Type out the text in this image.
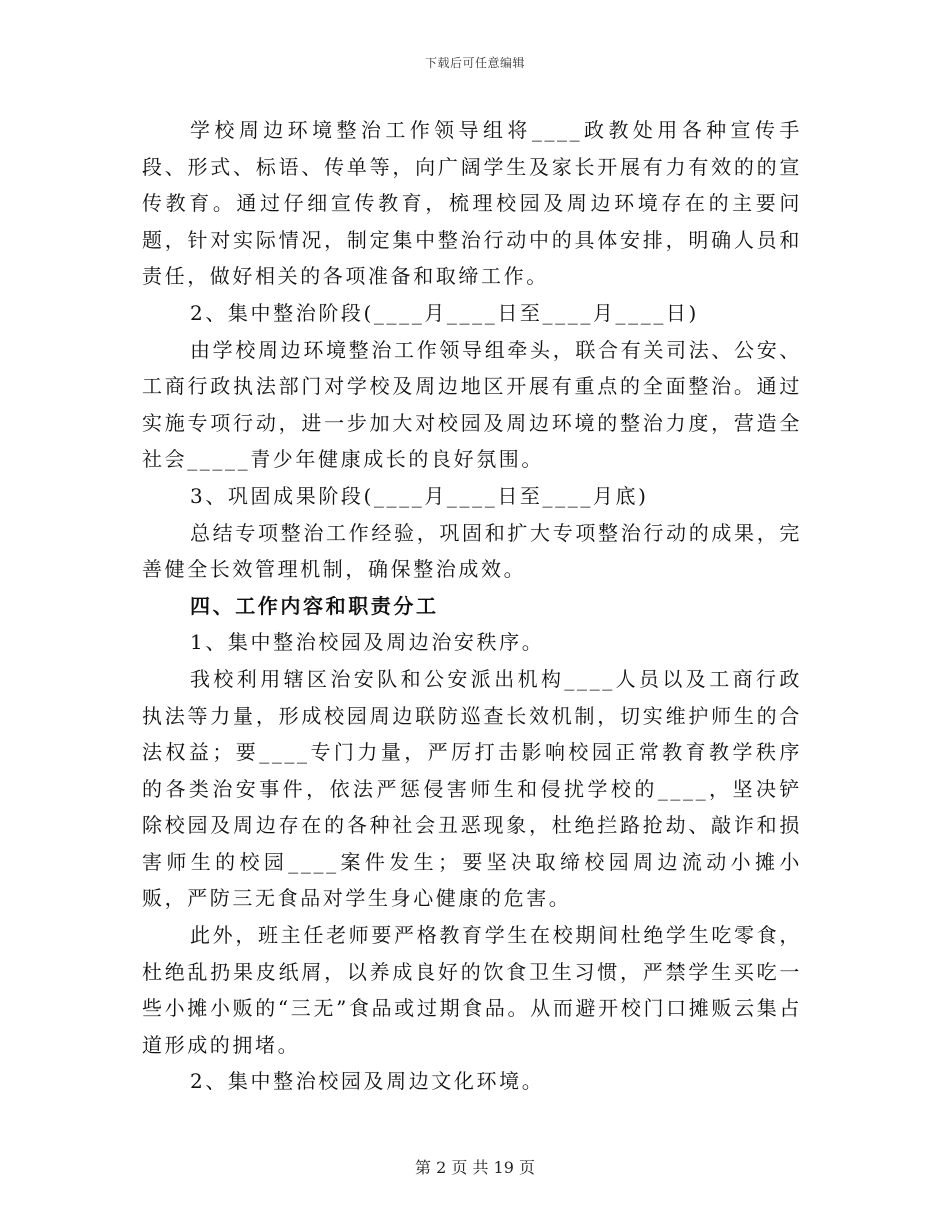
下载后可任意编辑

学校周边环境整治工作领导组将____政教处用各种宣传手段、形式、标语、传单等，向广阔学生及家长开展有力有效的的宣传教育。通过仔细宣传教育，梳理校园及周边环境存在的主要问题，针对实际情况，制定集中整治行动中的具体安排，明确人员和责任，做好相关的各项准备和取缔工作。

2、集中整治阶段(____月____日至____月____日)

由学校周边环境整治工作领导组牵头，联合有关司法、公安、工商行政执法部门对学校及周边地区开展有重点的全面整治。通过实施专项行动，进一步加大对校园及周边环境的整治力度，营造全社会_____青少年健康成长的良好氛围。

3、巩固成果阶段(____月____日至____月底)

总结专项整治工作经验，巩固和扩大专项整治行动的成果，完善健全长效管理机制，确保整治成效。

四、工作内容和职责分工

1、集中整治校园及周边治安秩序。

我校利用辖区治安队和公安派出机构____人员以及工商行政执法等力量，形成校园周边联防巡查长效机制，切实维护师生的合法权益；要____专门力量，严厉打击影响校园正常教育教学秩序的各类治安事件，依法严惩侵害师生和侵扰学校的____，坚决铲除校园及周边存在的各种社会丑恶现象，杜绝拦路抢劫、敲诈和损害师生的校园____案件发生；要坚决取缔校园周边流动小摊小贩，严防三无食品对学生身心健康的危害。

此外，班主任老师要严格教育学生在校期间杜绝学生吃零食，杜绝乱扔果皮纸屑，以养成良好的饮食卫生习惯，严禁学生买吃一些小摊小贩的“三无”食品或过期食品。从而避开校门口摊贩云集占道形成的拥堵。

2、集中整治校园及周边文化环境。

第 2 页 共 19 页
